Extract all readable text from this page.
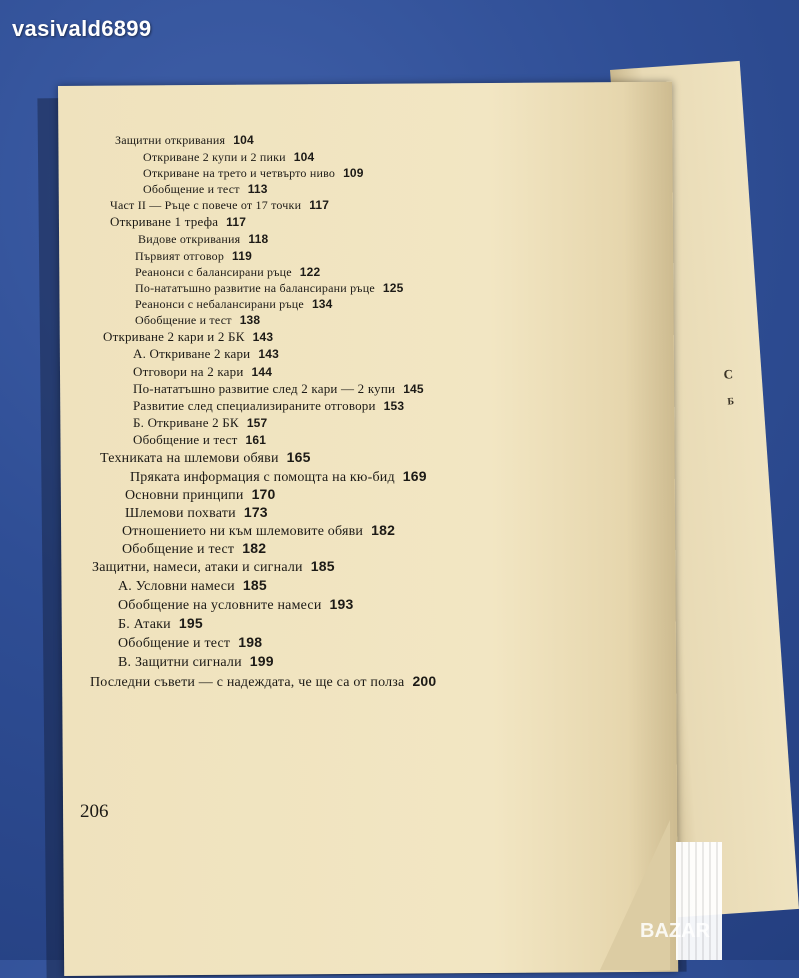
vasivald6899
С
Б
Защитни откривания 104
Откриване 2 купи и 2 пики 104
Откриване на трето и четвърто ниво 109
Обобщение и тест 113
Част II — Ръце с повече от 17 точки 117
Откриване 1 трефа 117
Видове откривания 118
Първият отговор 119
Реанонси с балансирани ръце 122
По-нататъшно развитие на балансирани ръце 125
Реанонси с небалансирани ръце 134
Обобщение и тест 138
Откриване 2 кари и 2 БК 143
А. Откриване 2 кари 143
Отговори на 2 кари 144
По-нататъшно развитие след 2 кари — 2 купи 145
Развитие след специализираните отговори 153
Б. Откриване 2 БК 157
Обобщение и тест 161
Техниката на шлемови обяви 165
Пряката информация с помощта на кю-бид 169
Основни принципи 170
Шлемови похвати 173
Отношението ни към шлемовите обяви 182
Обобщение и тест 182
Защитни, намеси, атаки и сигнали 185
А. Условни намеси 185
Обобщение на условните намеси 193
Б. Атаки 195
Обобщение и тест 198
В. Защитни сигнали 199
Последни съвети — с надеждата, че ще са от полза 200
206
BAZAR
